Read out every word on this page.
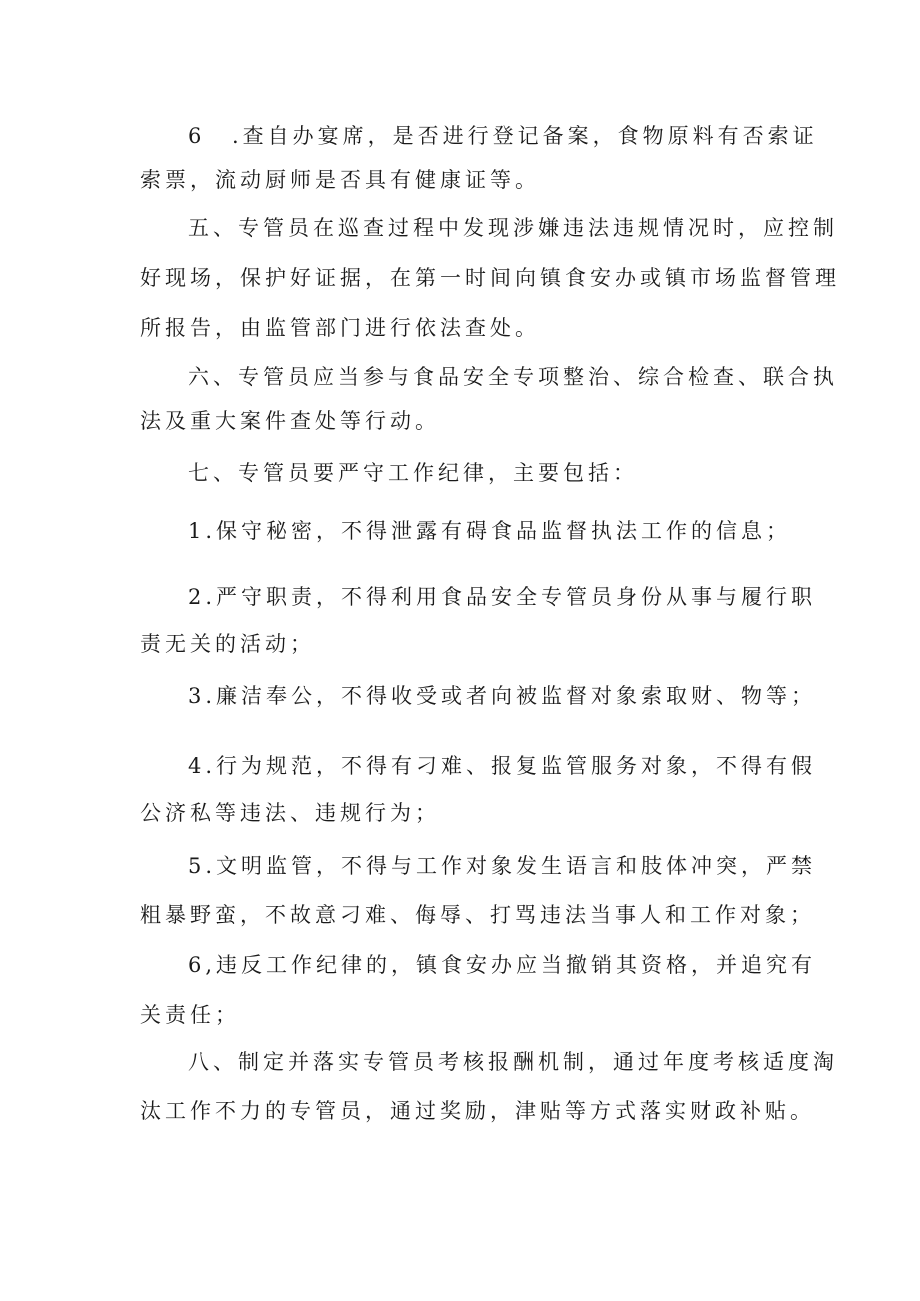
6 .查自办宴席，是否进行登记备案，食物原料有否索证
索票，流动厨师是否具有健康证等。
五、专管员在巡查过程中发现涉嫌违法违规情况时，应控制
好现场，保护好证据，在第一时间向镇食安办或镇市场监督管理
所报告，由监管部门进行依法查处。
六、专管员应当参与食品安全专项整治、综合检查、联合执
法及重大案件查处等行动。
七、专管员要严守工作纪律，主要包括：
1.保守秘密，不得泄露有碍食品监督执法工作的信息；
2.严守职责，不得利用食品安全专管员身份从事与履行职
责无关的活动；
3.廉洁奉公，不得收受或者向被监督对象索取财、物等；
4.行为规范，不得有刁难、报复监管服务对象，不得有假
公济私等违法、违规行为；
5.文明监管，不得与工作对象发生语言和肢体冲突，严禁
粗暴野蛮，不故意刁难、侮辱、打骂违法当事人和工作对象；
6,违反工作纪律的，镇食安办应当撤销其资格，并追究有
关责任；
八、制定并落实专管员考核报酬机制，通过年度考核适度淘
汰工作不力的专管员，通过奖励，津贴等方式落实财政补贴。
